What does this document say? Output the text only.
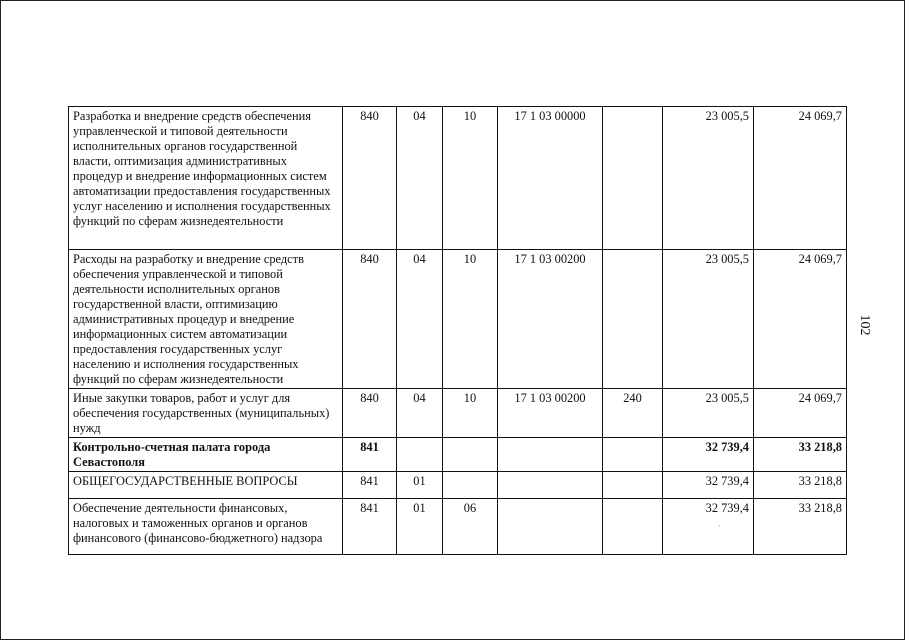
102
Разработка и внедрение средств обеспечения управленческой и типовой деятельности исполнительных органов государственной власти, оптимизация административных процедур и внедрение информационных систем автоматизации предоставления государственных услуг населению и исполнения государственных функций по сферам жизнедеятельности	840	04	10	17 1 03 00000		23 005,5	24 069,7
Расходы на разработку и внедрение средств обеспечения управленческой и типовой деятельности исполнительных органов государственной власти, оптимизацию административных процедур и внедрение информационных систем автоматизации предоставления государственных услуг населению и исполнения государственных функций по сферам жизнедеятельности	840	04	10	17 1 03 00200		23 005,5	24 069,7
Иные закупки товаров, работ и услуг для обеспечения государственных (муниципальных) нужд	840	04	10	17 1 03 00200	240	23 005,5	24 069,7
Контрольно-счетная палата города Севастополя	841					32 739,4	33 218,8
ОБЩЕГОСУДАРСТВЕННЫЕ ВОПРОСЫ	841	01				32 739,4	33 218,8
Обеспечение деятельности финансовых, налоговых и таможенных органов и органов финансового (финансово-бюджетного) надзора	841	01	06			32 739,4	33 218,8
·
